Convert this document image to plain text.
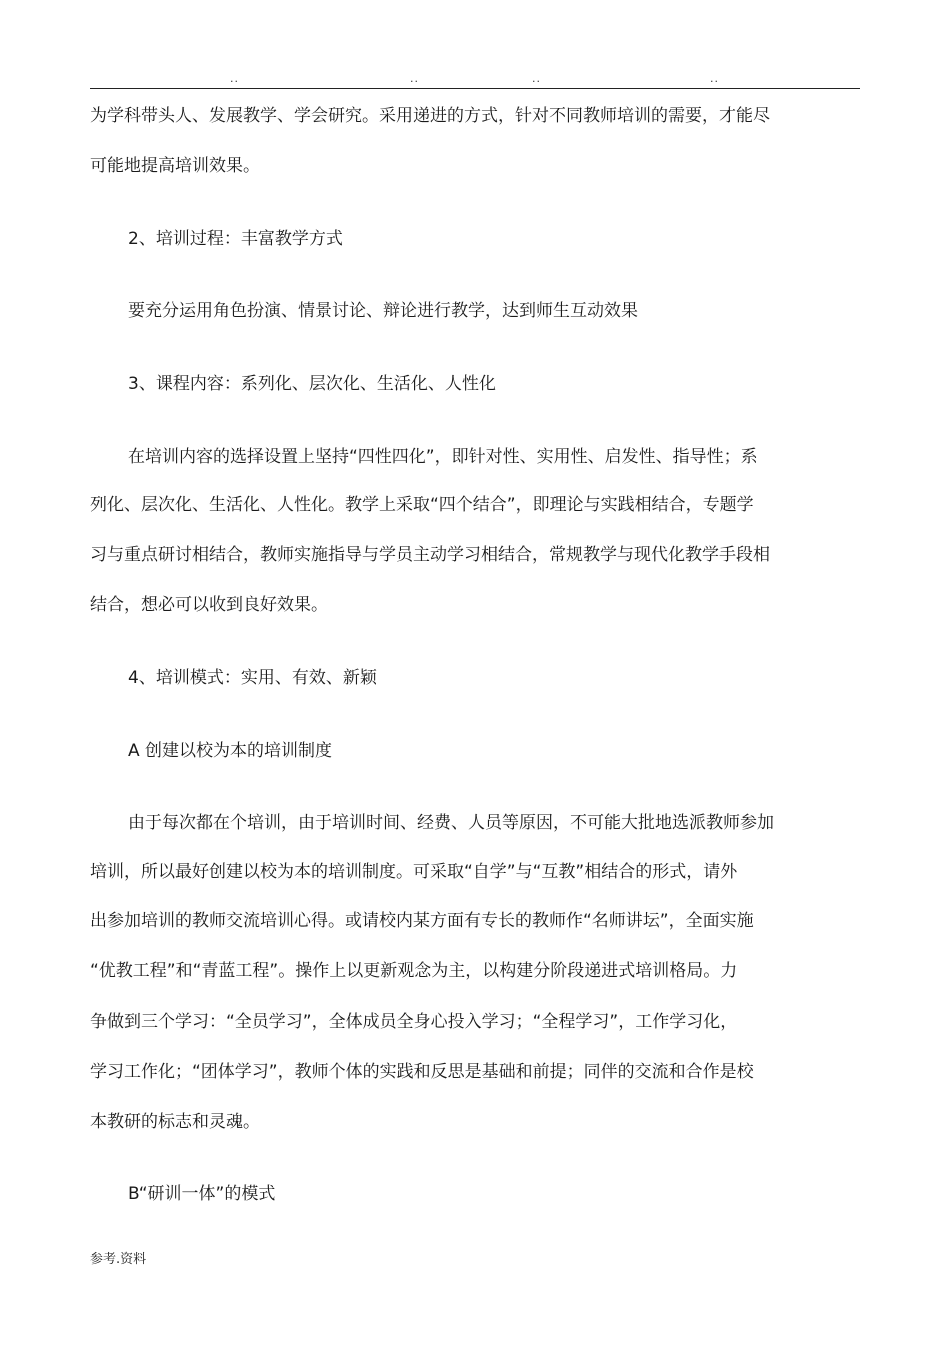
..	..	..	..
为学科带头人、发展教学、学会研究。采用递进的方式，针对不同教师培训的需要，才能尽
可能地提高培训效果。
2、培训过程：丰富教学方式
要充分运用角色扮演、情景讨论、辩论进行教学，达到师生互动效果
3、课程内容：系列化、层次化、生活化、人性化
在培训内容的选择设置上坚持“四性四化”，即针对性、实用性、启发性、指导性；系
列化、层次化、生活化、人性化。教学上采取“四个结合”，即理论与实践相结合，专题学
习与重点研讨相结合，教师实施指导与学员主动学习相结合，常规教学与现代化教学手段相
结合，想必可以收到良好效果。
4、培训模式：实用、有效、新颖
A 创建以校为本的培训制度
由于每次都在个培训，由于培训时间、经费、人员等原因，不可能大批地选派教师参加
培训，所以最好创建以校为本的培训制度。可采取“自学”与“互教”相结合的形式，请外
出参加培训的教师交流培训心得。或请校内某方面有专长的教师作“名师讲坛”，全面实施
“优教工程”和“青蓝工程”。操作上以更新观念为主，以构建分阶段递进式培训格局。力
争做到三个学习：“全员学习”，全体成员全身心投入学习；“全程学习”，工作学习化，
学习工作化；“团体学习”，教师个体的实践和反思是基础和前提；同伴的交流和合作是校
本教研的标志和灵魂。
B“研训一体”的模式
参考.资料
